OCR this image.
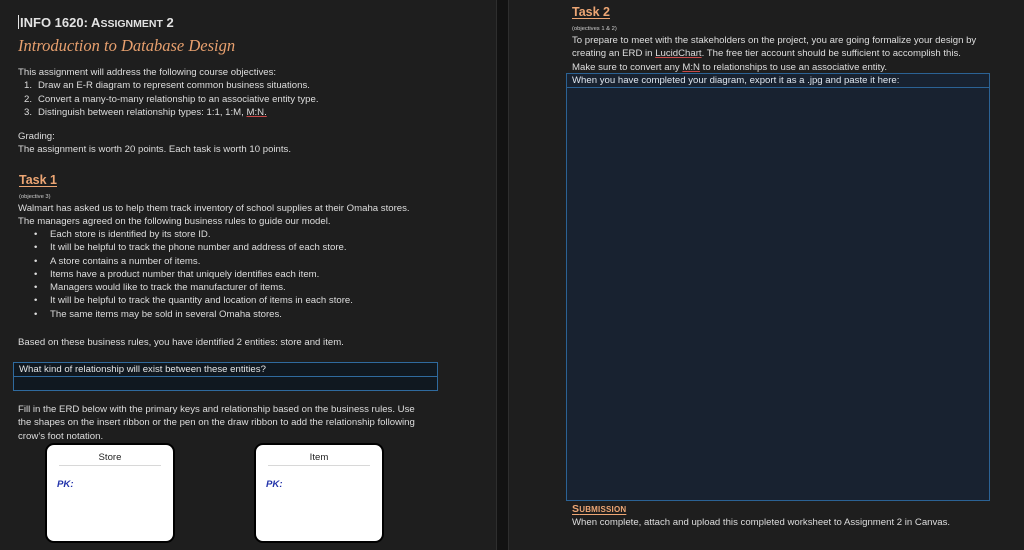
INFO 1620: ASSIGNMENT 2
Introduction to Database Design
This assignment will address the following course objectives:
1. Draw an E-R diagram to represent common business situations.
2. Convert a many-to-many relationship to an associative entity type.
3. Distinguish between relationship types: 1:1, 1:M, M:N.
Grading:
The assignment is worth 20 points. Each task is worth 10 points.
Task 1
(objective 3)
Walmart has asked us to help them track inventory of school supplies at their Omaha stores.
The managers agreed on the following business rules to guide our model.
• Each store is identified by its store ID.
• It will be helpful to track the phone number and address of each store.
• A store contains a number of items.
• Items have a product number that uniquely identifies each item.
• Managers would like to track the manufacturer of items.
• It will be helpful to track the quantity and location of items in each store.
• The same items may be sold in several Omaha stores.
Based on these business rules, you have identified 2 entities: store and item.
What kind of relationship will exist between these entities?
Fill in the ERD below with the primary keys and relationship based on the business rules. Use
the shapes on the insert ribbon or the pen on the draw ribbon to add the relationship following
crow’s foot notation.
Store
PK:
Item
PK:
Task 2
(objectives 1 & 2)
To prepare to meet with the stakeholders on the project, you are going formalize your design by
creating an ERD in LucidChart. The free tier account should be sufficient to accomplish this.
Make sure to convert any M:N to relationships to use an associative entity.
When you have completed your diagram, export it as a .jpg and paste it here:
SUBMISSION
When complete, attach and upload this completed worksheet to Assignment 2 in Canvas.
